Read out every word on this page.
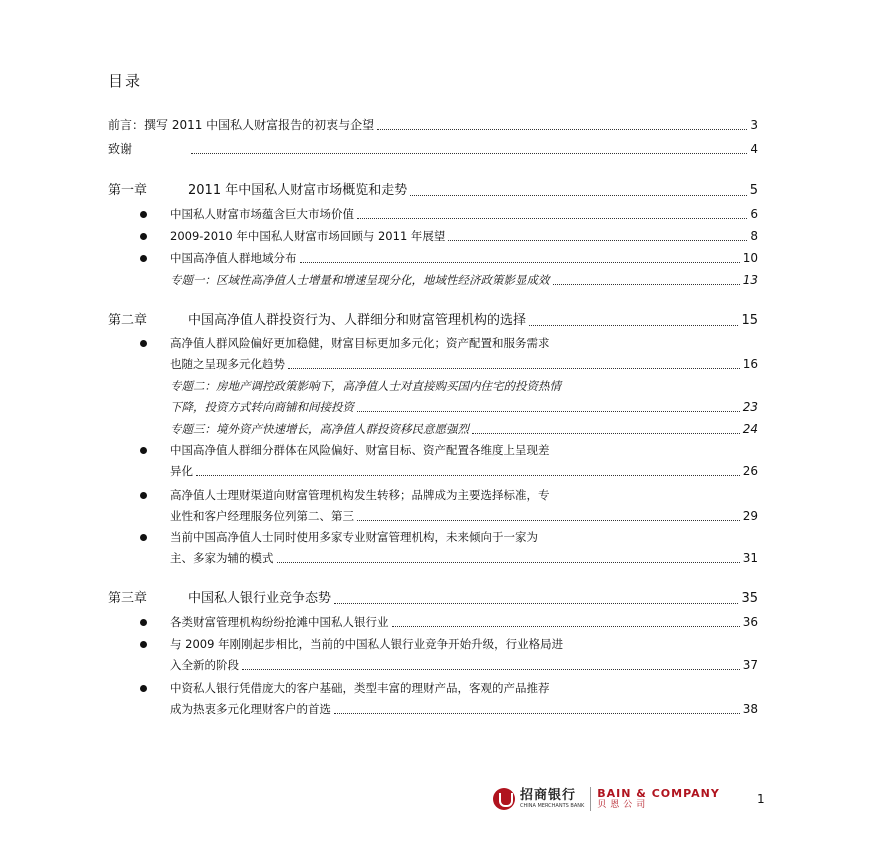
目录
前言：撰写 2011 中国私人财富报告的初衷与企望	3
致谢	4
第一章	2011 年中国私人财富市场概览和走势	5
中国私人财富市场蕴含巨大市场价值	6
2009-2010 年中国私人财富市场回顾与 2011 年展望	8
中国高净值人群地域分布	10
专题一：区域性高净值人士增量和增速呈现分化，地域性经济政策影显成效	13
第二章	中国高净值人群投资行为、人群细分和财富管理机构的选择	15
高净值人群风险偏好更加稳健，财富目标更加多元化；资产配置和服务需求
也随之呈现多元化趋势	16
专题二：房地产调控政策影响下，高净值人士对直接购买国内住宅的投资热情
下降，投资方式转向商铺和间接投资	23
专题三：境外资产快速增长，高净值人群投资移民意愿强烈	24
中国高净值人群细分群体在风险偏好、财富目标、资产配置各维度上呈现差
异化	26
高净值人士理财渠道向财富管理机构发生转移；品牌成为主要选择标准，专
业性和客户经理服务位列第二、第三	29
当前中国高净值人士同时使用多家专业财富管理机构，未来倾向于一家为
主、多家为辅的模式	31
第三章	中国私人银行业竞争态势	35
各类财富管理机构纷纷抢滩中国私人银行业	36
与 2009 年刚刚起步相比，当前的中国私人银行业竞争开始升级，行业格局进
入全新的阶段	37
中资私人银行凭借庞大的客户基础，类型丰富的理财产品，客观的产品推荐
成为热衷多元化理财客户的首选	38
招商银行
CHINA MERCHANTS BANK
BAIN & COMPANY
贝恩公司	1
